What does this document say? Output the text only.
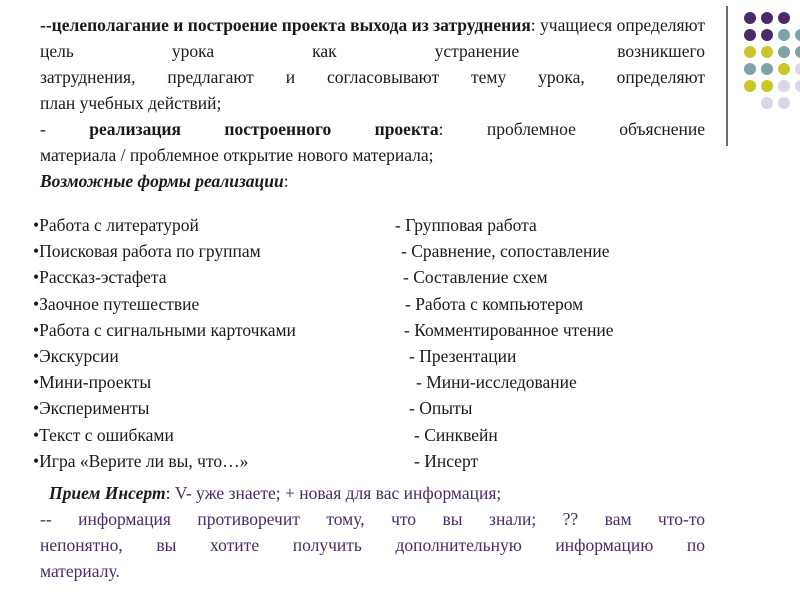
--целеполагание и построение проекта выхода из затруднения: учащиеся определяют цель урока как устранение возникшего
затруднения, предлагают и согласовывают тему урока, определяют
план учебных действий;
- реализация построенного проекта: проблемное объяснение
материала / проблемное открытие нового материала;
Возможные формы реализации:
•Работа с литературой	- Групповая работа
•Поисковая работа по группам	- Сравнение, сопоставление
•Рассказ-эстафета	- Составление схем
•Заочное путешествие	- Работа с компьютером
•Работа с сигнальными карточками	- Комментированное чтение
•Экскурсии	- Презентации
•Мини-проекты	- Мини-исследование
•Эксперименты	- Опыты
•Текст с ошибками	- Синквейн
•Игра «Верите ли вы, что…»	- Инсерт
Прием Инсерт: V- уже знаете; + новая для вас информация;
-- информация противоречит тому, что вы знали; ?? вам что-то
непонятно, вы хотите получить дополнительную информацию по
материалу.
